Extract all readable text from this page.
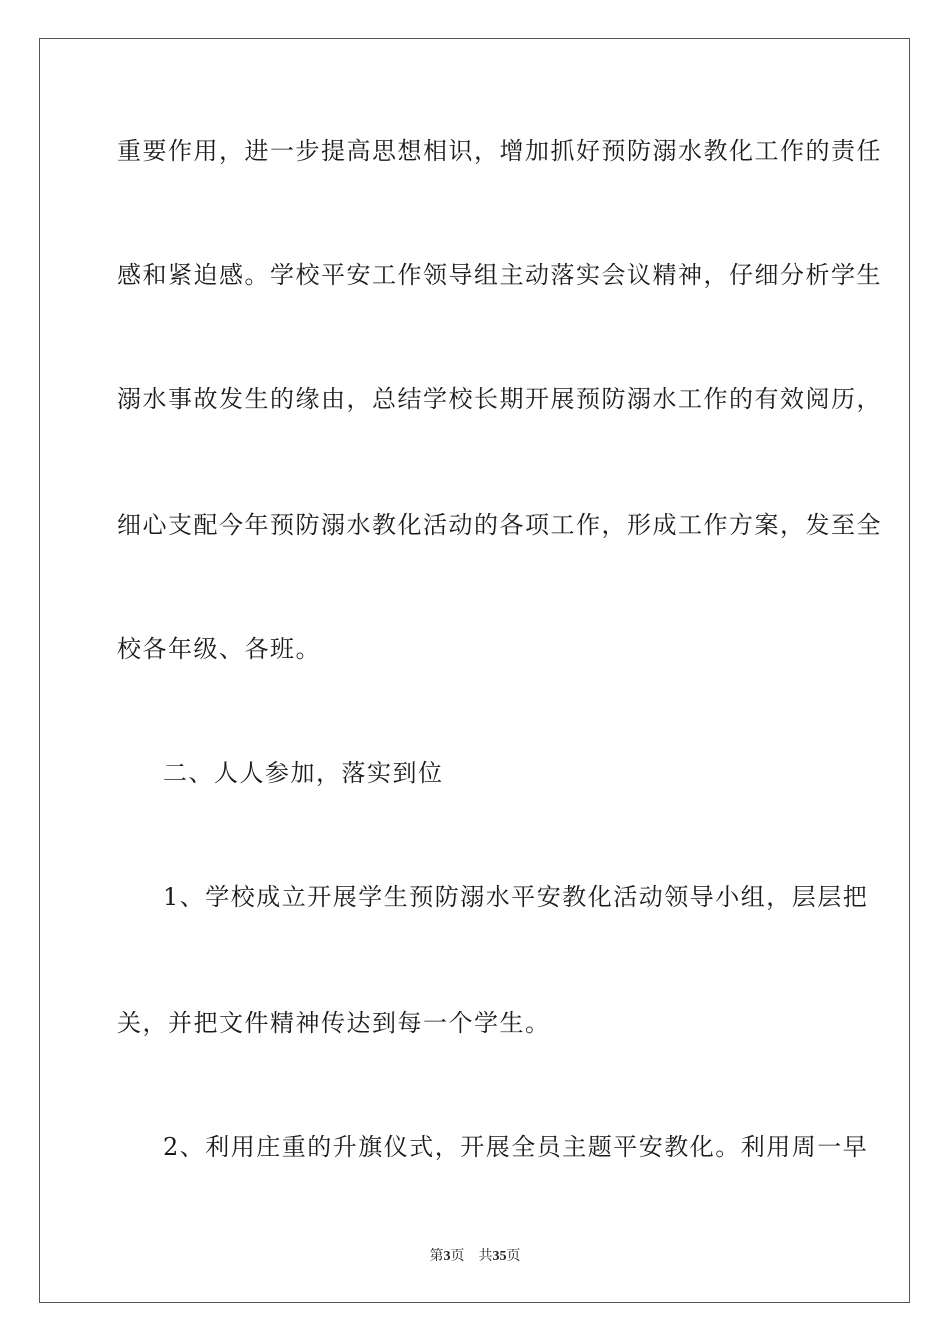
重要作用，进一步提高思想相识，增加抓好预防溺水教化工作的责任
感和紧迫感。学校平安工作领导组主动落实会议精神，仔细分析学生
溺水事故发生的缘由，总结学校长期开展预防溺水工作的有效阅历，
细心支配今年预防溺水教化活动的各项工作，形成工作方案，发至全
校各年级、各班。
二、人人参加，落实到位
1、学校成立开展学生预防溺水平安教化活动领导小组，层层把
关，并把文件精神传达到每一个学生。
2、利用庄重的升旗仪式，开展全员主题平安教化。利用周一早
第3页 共35页
